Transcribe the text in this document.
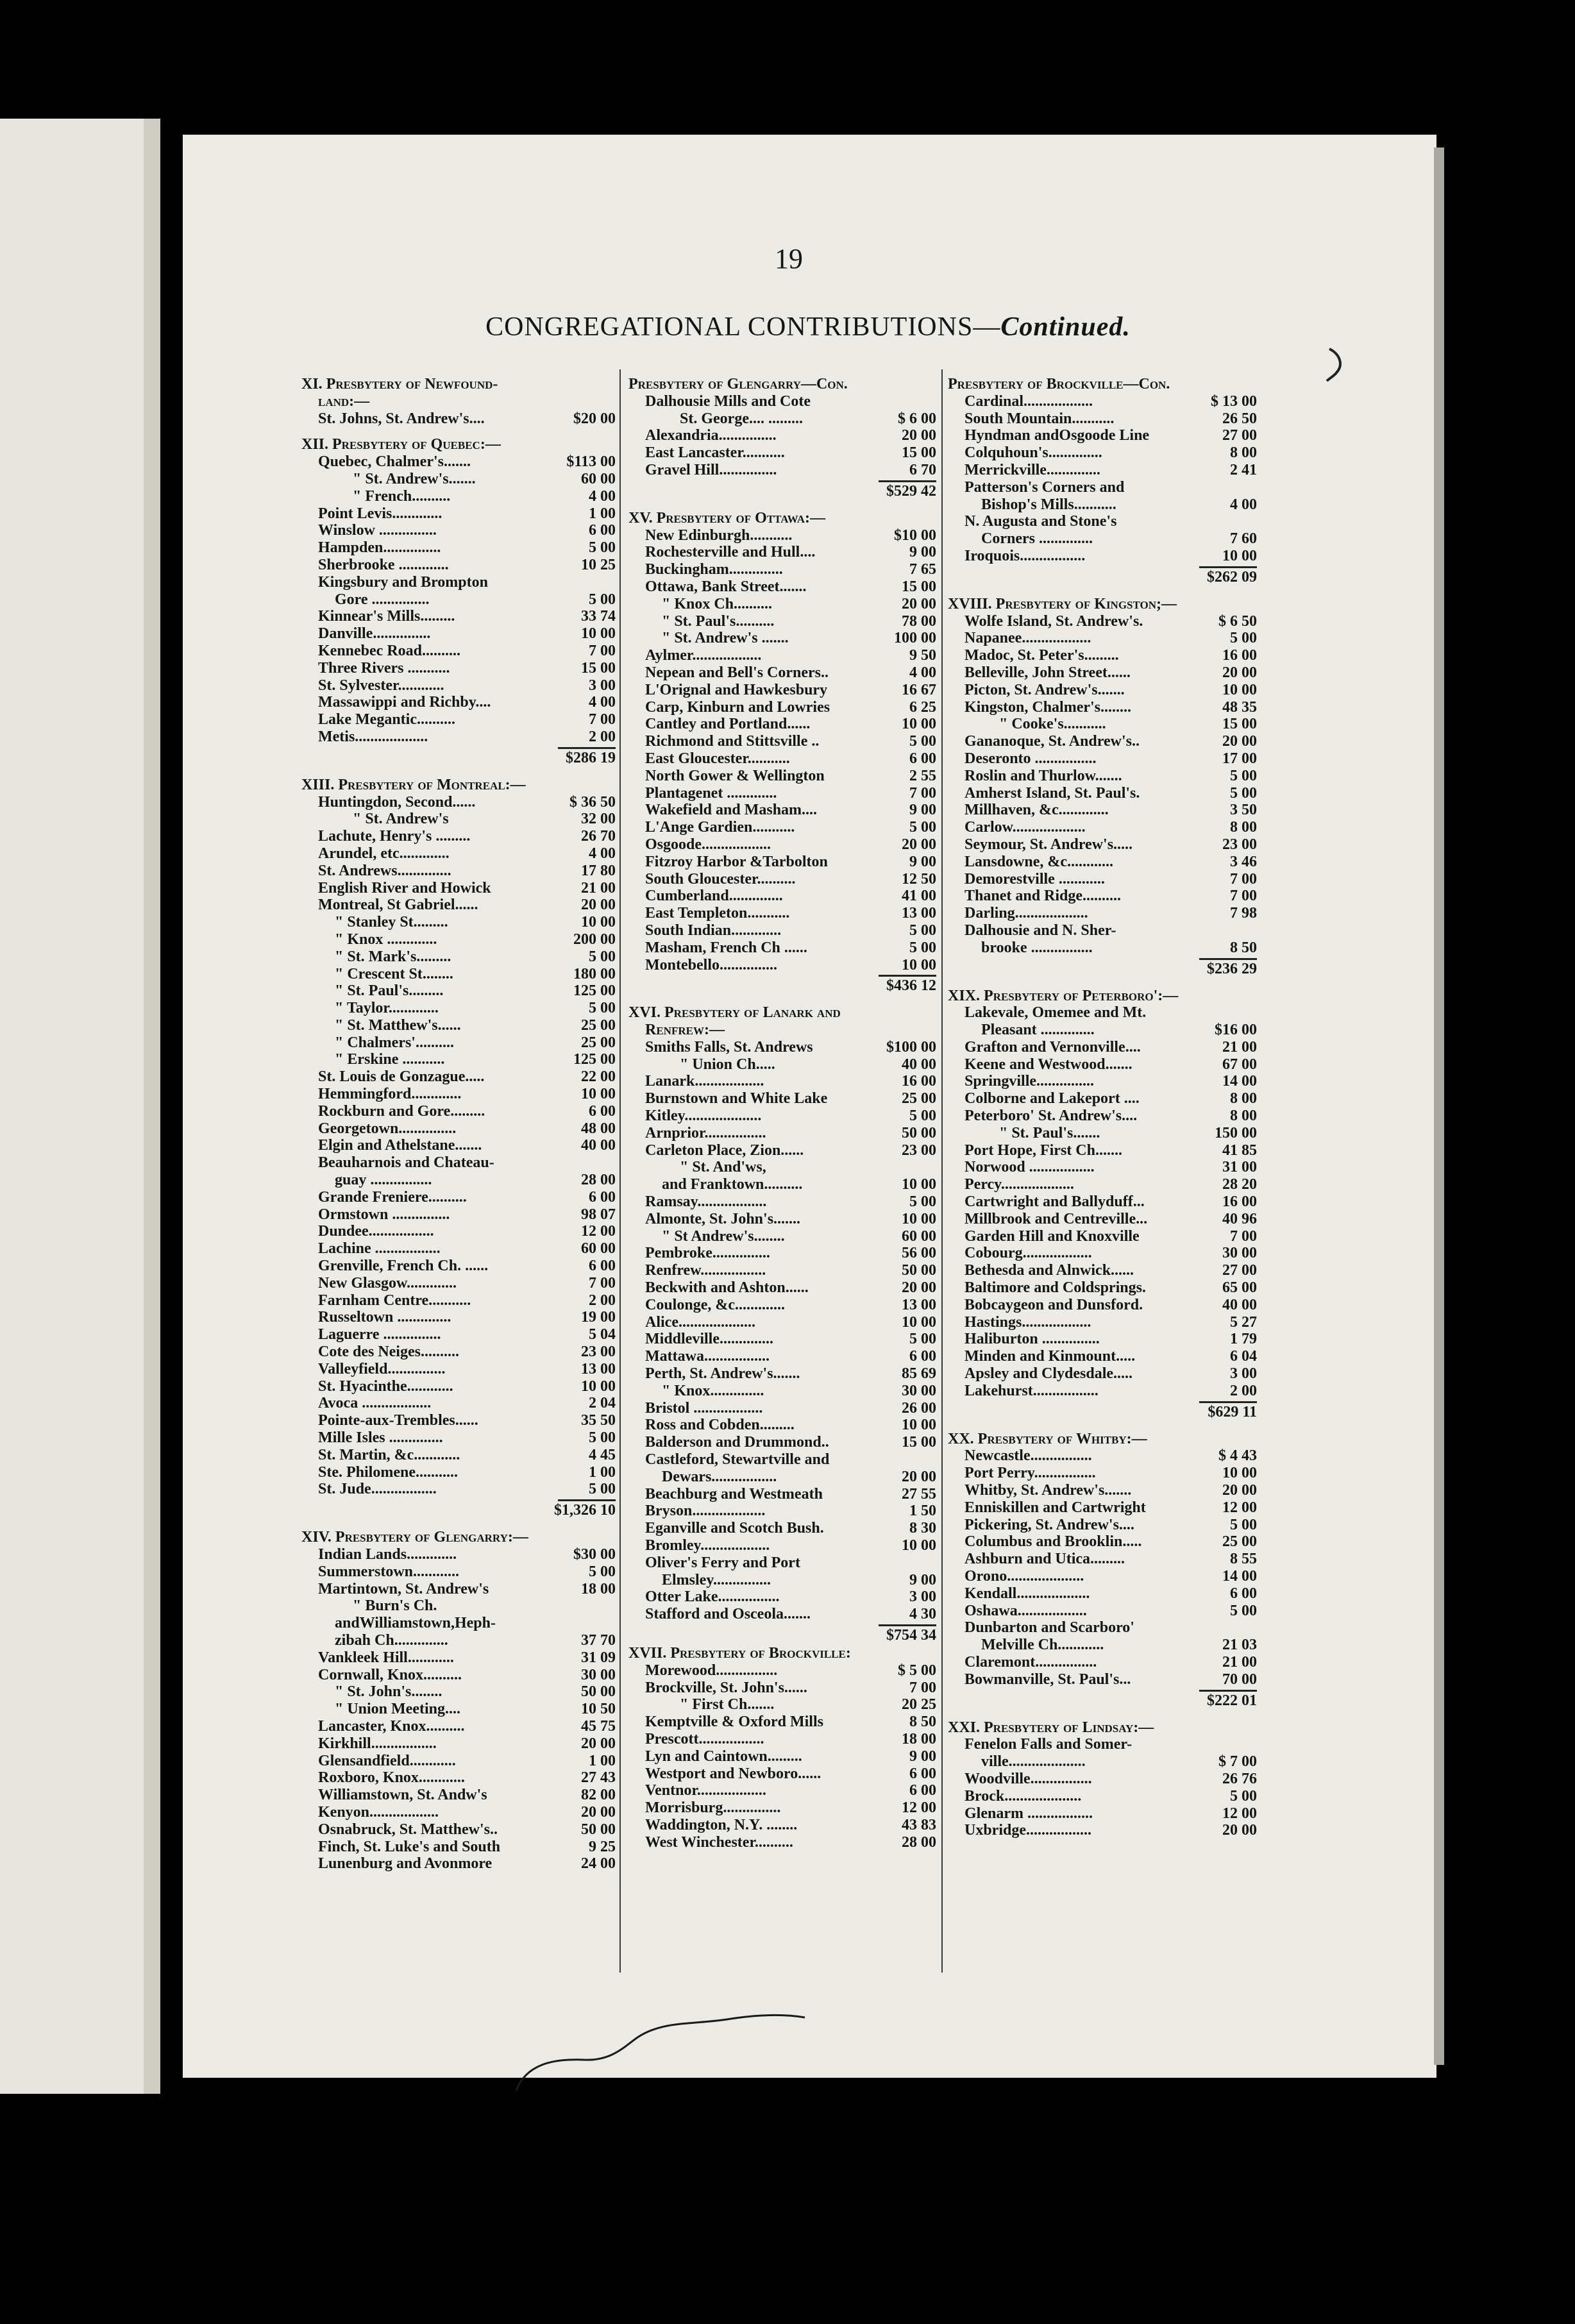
19
CONGREGATIONAL CONTRIBUTIONS—Continued.
XI. Presbytery of Newfound-
land:—
St. Johns, St. Andrew's....	$20 00
XII. Presbytery of Quebec:—
Quebec, Chalmer's.......	$113 00
" St. Andrew's.......	60 00
" French..........	4 00
Point Levis.............	1 00
Winslow ...............	6 00
Hampden...............	5 00
Sherbrooke .............	10 25
Kingsbury and Brompton
Gore ...............	5 00
Kinnear's Mills.........	33 74
Danville...............	10 00
Kennebec Road..........	7 00
Three Rivers ...........	15 00
St. Sylvester............	3 00
Massawippi and Richby....	4 00
Lake Megantic..........	7 00
Metis...................	2 00
$286 19
XIII. Presbytery of Montreal:—
Huntingdon, Second......	$ 36 50
" St. Andrew's	32 00
Lachute, Henry's .........	26 70
Arundel, etc.............	4 00
St. Andrews..............	17 80
English River and Howick	21 00
Montreal, St Gabriel......	20 00
" Stanley St.........	10 00
" Knox .............	200 00
" St. Mark's.........	5 00
" Crescent St........	180 00
" St. Paul's.........	125 00
" Taylor.............	5 00
" St. Matthew's......	25 00
" Chalmers'..........	25 00
" Erskine ...........	125 00
St. Louis de Gonzague.....	22 00
Hemmingford.............	10 00
Rockburn and Gore.........	6 00
Georgetown...............	48 00
Elgin and Athelstane.......	40 00
Beauharnois and Chateau-
guay ................	28 00
Grande Freniere..........	6 00
Ormstown ...............	98 07
Dundee.................	12 00
Lachine .................	60 00
Grenville, French Ch. ......	6 00
New Glasgow.............	7 00
Farnham Centre...........	2 00
Russeltown ..............	19 00
Laguerre ...............	5 04
Cote des Neiges..........	23 00
Valleyfield...............	13 00
St. Hyacinthe............	10 00
Avoca ..................	2 04
Pointe-aux-Trembles......	35 50
Mille Isles ..............	5 00
St. Martin, &c............	4 45
Ste. Philomene...........	1 00
St. Jude.................	5 00
$1,326 10
XIV. Presbytery of Glengarry:—
Indian Lands.............	$30 00
Summerstown............	5 00
Martintown, St. Andrew's	18 00
" Burn's Ch.
andWilliamstown,Heph-
zibah Ch..............	37 70
Vankleek Hill............	31 09
Cornwall, Knox..........	30 00
" St. John's........	50 00
" Union Meeting....	10 50
Lancaster, Knox..........	45 75
Kirkhill.................	20 00
Glensandfield............	1 00
Roxboro, Knox............	27 43
Williamstown, St. Andw's	82 00
Kenyon..................	20 00
Osnabruck, St. Matthew's..	50 00
Finch, St. Luke's and South	9 25
Lunenburg and Avonmore	24 00
Presbytery of Glengarry—Con.
Dalhousie Mills and Cote
St. George.... .........	$ 6 00
Alexandria...............	20 00
East Lancaster...........	15 00
Gravel Hill...............	6 70
$529 42
XV. Presbytery of Ottawa:—
New Edinburgh...........	$10 00
Rochesterville and Hull....	9 00
Buckingham..............	7 65
Ottawa, Bank Street.......	15 00
" Knox Ch..........	20 00
" St. Paul's..........	78 00
" St. Andrew's .......	100 00
Aylmer..................	9 50
Nepean and Bell's Corners..	4 00
L'Orignal and Hawkesbury	16 67
Carp, Kinburn and Lowries	6 25
Cantley and Portland......	10 00
Richmond and Stittsville ..	5 00
East Gloucester...........	6 00
North Gower & Wellington	2 55
Plantagenet .............	7 00
Wakefield and Masham....	9 00
L'Ange Gardien...........	5 00
Osgoode..................	20 00
Fitzroy Harbor &Tarbolton	9 00
South Gloucester..........	12 50
Cumberland..............	41 00
East Templeton...........	13 00
South Indian.............	5 00
Masham, French Ch ......	5 00
Montebello...............	10 00
$436 12
XVI. Presbytery of Lanark and
Renfrew:—
Smiths Falls, St. Andrews	$100 00
" Union Ch.....	40 00
Lanark..................	16 00
Burnstown and White Lake	25 00
Kitley....................	5 00
Arnprior................	50 00
Carleton Place, Zion......	23 00
" St. And'ws,
and Franktown..........	10 00
Ramsay..................	5 00
Almonte, St. John's.......	10 00
" St Andrew's........	60 00
Pembroke...............	56 00
Renfrew.................	50 00
Beckwith and Ashton......	20 00
Coulonge, &c.............	13 00
Alice....................	10 00
Middleville..............	5 00
Mattawa.................	6 00
Perth, St. Andrew's.......	85 69
" Knox..............	30 00
Bristol ..................	26 00
Ross and Cobden.........	10 00
Balderson and Drummond..	15 00
Castleford, Stewartville and
Dewars.................	20 00
Beachburg and Westmeath	27 55
Bryson...................	1 50
Eganville and Scotch Bush.	8 30
Bromley..................	10 00
Oliver's Ferry and Port
Elmsley...............	9 00
Otter Lake................	3 00
Stafford and Osceola.......	4 30
$754 34
XVII. Presbytery of Brockville:
Morewood................	$ 5 00
Brockville, St. John's......	7 00
" First Ch.......	20 25
Kemptville & Oxford Mills	8 50
Prescott.................	18 00
Lyn and Caintown.........	9 00
Westport and Newboro......	6 00
Ventnor..................	6 00
Morrisburg...............	12 00
Waddington, N.Y. ........	43 83
West Winchester..........	28 00
Presbytery of Brockville—Con.
Cardinal..................	$ 13 00
South Mountain...........	26 50
Hyndman andOsgoode Line	27 00
Colquhoun's..............	8 00
Merrickville..............	2 41
Patterson's Corners and
Bishop's Mills...........	4 00
N. Augusta and Stone's
Corners ..............	7 60
Iroquois.................	10 00
$262 09
XVIII. Presbytery of Kingston;—
Wolfe Island, St. Andrew's.	$ 6 50
Napanee..................	5 00
Madoc, St. Peter's.........	16 00
Belleville, John Street......	20 00
Picton, St. Andrew's.......	10 00
Kingston, Chalmer's........	48 35
" Cooke's...........	15 00
Gananoque, St. Andrew's..	20 00
Deseronto ................	17 00
Roslin and Thurlow.......	5 00
Amherst Island, St. Paul's.	5 00
Millhaven, &c.............	3 50
Carlow...................	8 00
Seymour, St. Andrew's.....	23 00
Lansdowne, &c............	3 46
Demorestville ............	7 00
Thanet and Ridge..........	7 00
Darling...................	7 98
Dalhousie and N. Sher-
brooke ................	8 50
$236 29
XIX. Presbytery of Peterboro':—
Lakevale, Omemee and Mt.
Pleasant ..............	$16 00
Grafton and Vernonville....	21 00
Keene and Westwood.......	67 00
Springville...............	14 00
Colborne and Lakeport ....	8 00
Peterboro' St. Andrew's....	8 00
" St. Paul's.......	150 00
Port Hope, First Ch.......	41 85
Norwood .................	31 00
Percy...................	28 20
Cartwright and Ballyduff...	16 00
Millbrook and Centreville...	40 96
Garden Hill and Knoxville	7 00
Cobourg..................	30 00
Bethesda and Alnwick......	27 00
Baltimore and Coldsprings.	65 00
Bobcaygeon and Dunsford.	40 00
Hastings..................	5 27
Haliburton ...............	1 79
Minden and Kinmount.....	6 04
Apsley and Clydesdale.....	3 00
Lakehurst.................	2 00
$629 11
XX. Presbytery of Whitby:—
Newcastle................	$ 4 43
Port Perry................	10 00
Whitby, St. Andrew's.......	20 00
Enniskillen and Cartwright	12 00
Pickering, St. Andrew's....	5 00
Columbus and Brooklin.....	25 00
Ashburn and Utica.........	8 55
Orono....................	14 00
Kendall...................	6 00
Oshawa..................	5 00
Dunbarton and Scarboro'
Melville Ch............	21 03
Claremont................	21 00
Bowmanville, St. Paul's...	70 00
$222 01
XXI. Presbytery of Lindsay:—
Fenelon Falls and Somer-
ville....................	$ 7 00
Woodville................	26 76
Brock....................	5 00
Glenarm .................	12 00
Uxbridge.................	20 00
